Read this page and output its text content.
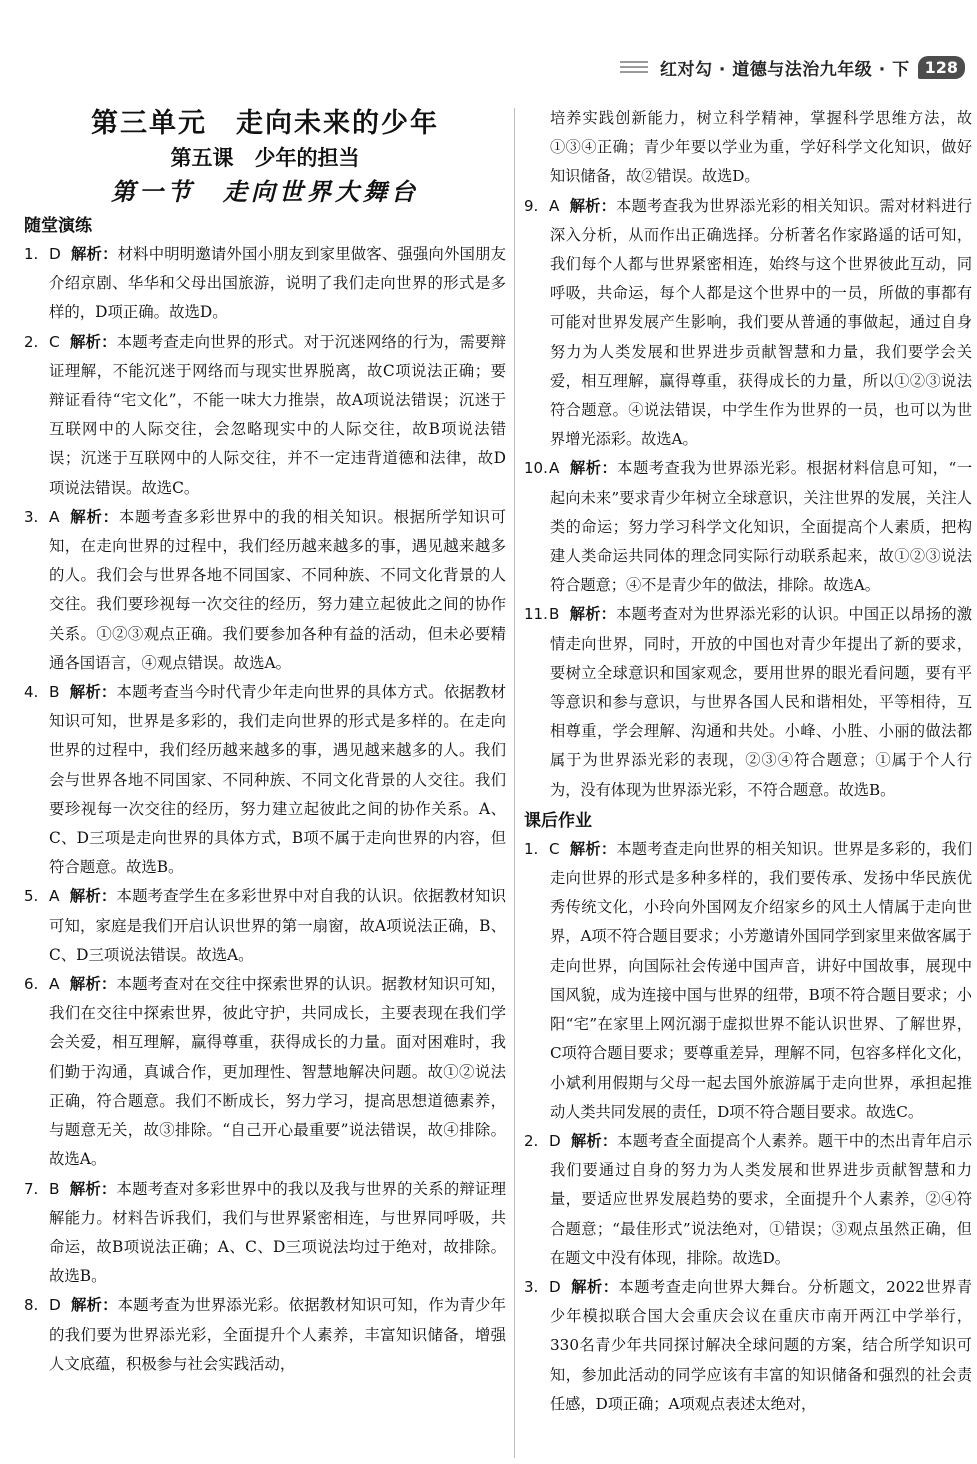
红对勾 · 道德与法治九年级 · 下 128
第三单元　走向未来的少年
第五课　少年的担当
第一节　走向世界大舞台
随堂演练

1. D 解析：材料中明明邀请外国小朋友到家里做客、强强向外国朋友介绍京剧、华华和父母出国旅游，说明了我们走向世界的形式是多样的，D项正确。故选D。

2. C 解析：本题考查走向世界的形式。对于沉迷网络的行为，需要辩证理解，不能沉迷于网络而与现实世界脱离，故C项说法正确；要辩证看待“宅文化”，不能一味大力推崇，故A项说法错误；沉迷于互联网中的人际交往，会忽略现实中的人际交往，故B项说法错误；沉迷于互联网中的人际交往，并不一定违背道德和法律，故D项说法错误。故选C。

3. A 解析：本题考查多彩世界中的我的相关知识。根据所学知识可知，在走向世界的过程中，我们经历越来越多的事，遇见越来越多的人。我们会与世界各地不同国家、不同种族、不同文化背景的人交往。我们要珍视每一次交往的经历，努力建立起彼此之间的协作关系。①②③观点正确。我们要参加各种有益的活动，但未必要精通各国语言，④观点错误。故选A。

4. B 解析：本题考查当今时代青少年走向世界的具体方式。依据教材知识可知，世界是多彩的，我们走向世界的形式是多样的。在走向世界的过程中，我们经历越来越多的事，遇见越来越多的人。我们会与世界各地不同国家、不同种族、不同文化背景的人交往。我们要珍视每一次交往的经历，努力建立起彼此之间的协作关系。A、C、D三项是走向世界的具体方式，B项不属于走向世界的内容，但符合题意。故选B。

5. A 解析：本题考查学生在多彩世界中对自我的认识。依据教材知识可知，家庭是我们开启认识世界的第一扇窗，故A项说法正确，B、C、D三项说法错误。故选A。

6. A 解析：本题考查对在交往中探索世界的认识。据教材知识可知，我们在交往中探索世界，彼此守护，共同成长，主要表现在我们学会关爱，相互理解，赢得尊重，获得成长的力量。面对困难时，我们勤于沟通，真诚合作，更加理性、智慧地解决问题。故①②说法正确，符合题意。我们不断成长，努力学习，提高思想道德素养，与题意无关，故③排除。“自己开心最重要”说法错误，故④排除。故选A。

7. B 解析：本题考查对多彩世界中的我以及我与世界的关系的辩证理解能力。材料告诉我们，我们与世界紧密相连，与世界同呼吸，共命运，故B项说法正确；A、C、D三项说法均过于绝对，故排除。故选B。

8. D 解析：本题考查为世界添光彩。依据教材知识可知，作为青少年的我们要为世界添光彩，全面提升个人素养，丰富知识储备，增强人文底蕴，积极参与社会实践活动，

培养实践创新能力，树立科学精神，掌握科学思维方法，故①③④正确；青少年要以学业为重，学好科学文化知识，做好知识储备，故②错误。故选D。

9. A 解析：本题考查我为世界添光彩的相关知识。需对材料进行深入分析，从而作出正确选择。分析著名作家路遥的话可知，我们每个人都与世界紧密相连，始终与这个世界彼此互动，同呼吸，共命运，每个人都是这个世界中的一员，所做的事都有可能对世界发展产生影响，我们要从普通的事做起，通过自身努力为人类发展和世界进步贡献智慧和力量，我们要学会关爱，相互理解，赢得尊重，获得成长的力量，所以①②③说法符合题意。④说法错误，中学生作为世界的一员，也可以为世界增光添彩。故选A。

10.A 解析：本题考查我为世界添光彩。根据材料信息可知，“一起向未来”要求青少年树立全球意识，关注世界的发展，关注人类的命运；努力学习科学文化知识，全面提高个人素质，把构建人类命运共同体的理念同实际行动联系起来，故①②③说法符合题意；④不是青少年的做法，排除。故选A。

11.B 解析：本题考查对为世界添光彩的认识。中国正以昂扬的激情走向世界，同时，开放的中国也对青少年提出了新的要求，要树立全球意识和国家观念，要用世界的眼光看问题，要有平等意识和参与意识，与世界各国人民和谐相处，平等相待，互相尊重，学会理解、沟通和共处。小峰、小胜、小丽的做法都属于为世界添光彩的表现，②③④符合题意；①属于个人行为，没有体现为世界添光彩，不符合题意。故选B。

课后作业

1. C 解析：本题考查走向世界的相关知识。世界是多彩的，我们走向世界的形式是多种多样的，我们要传承、发扬中华民族优秀传统文化，小玲向外国网友介绍家乡的风土人情属于走向世界，A项不符合题目要求；小芳邀请外国同学到家里来做客属于走向世界，向国际社会传递中国声音，讲好中国故事，展现中国风貌，成为连接中国与世界的纽带，B项不符合题目要求；小阳“宅”在家里上网沉溺于虚拟世界不能认识世界、了解世界，C项符合题目要求；要尊重差异，理解不同，包容多样化文化，小斌利用假期与父母一起去国外旅游属于走向世界，承担起推动人类共同发展的责任，D项不符合题目要求。故选C。

2. D 解析：本题考查全面提高个人素养。题干中的杰出青年启示我们要通过自身的努力为人类发展和世界进步贡献智慧和力量，要适应世界发展趋势的要求，全面提升个人素养，②④符合题意；“最佳形式”说法绝对，①错误；③观点虽然正确，但在题文中没有体现，排除。故选D。

3. D 解析：本题考查走向世界大舞台。分析题文，2022世界青少年模拟联合国大会重庆会议在重庆市南开两江中学举行，330名青少年共同探讨解决全球问题的方案，结合所学知识可知，参加此活动的同学应该有丰富的知识储备和强烈的社会责任感，D项正确；A项观点表述太绝对，
